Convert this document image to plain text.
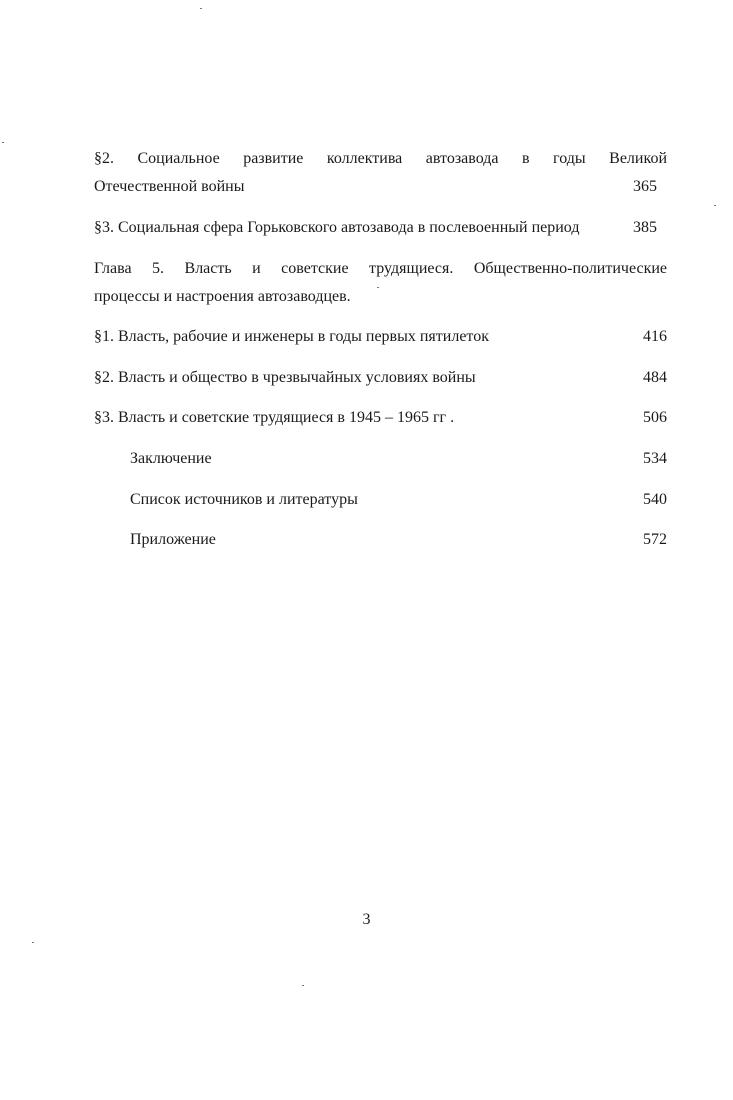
§2. Социальное развитие коллектива автозавода в годы Великой
Отечественной войны	365
§3. Социальная сфера Горьковского автозавода в послевоенный период	385
Глава 5. Власть и советские трудящиеся. Общественно-политические
процессы и настроения автозаводцев.
§1. Власть, рабочие и инженеры в годы первых пятилеток	416
§2. Власть и общество в чрезвычайных условиях войны	484
§3. Власть и советские трудящиеся в 1945 – 1965 гг .	506
Заключение	534
Список источников и литературы	540
Приложение	572
3
